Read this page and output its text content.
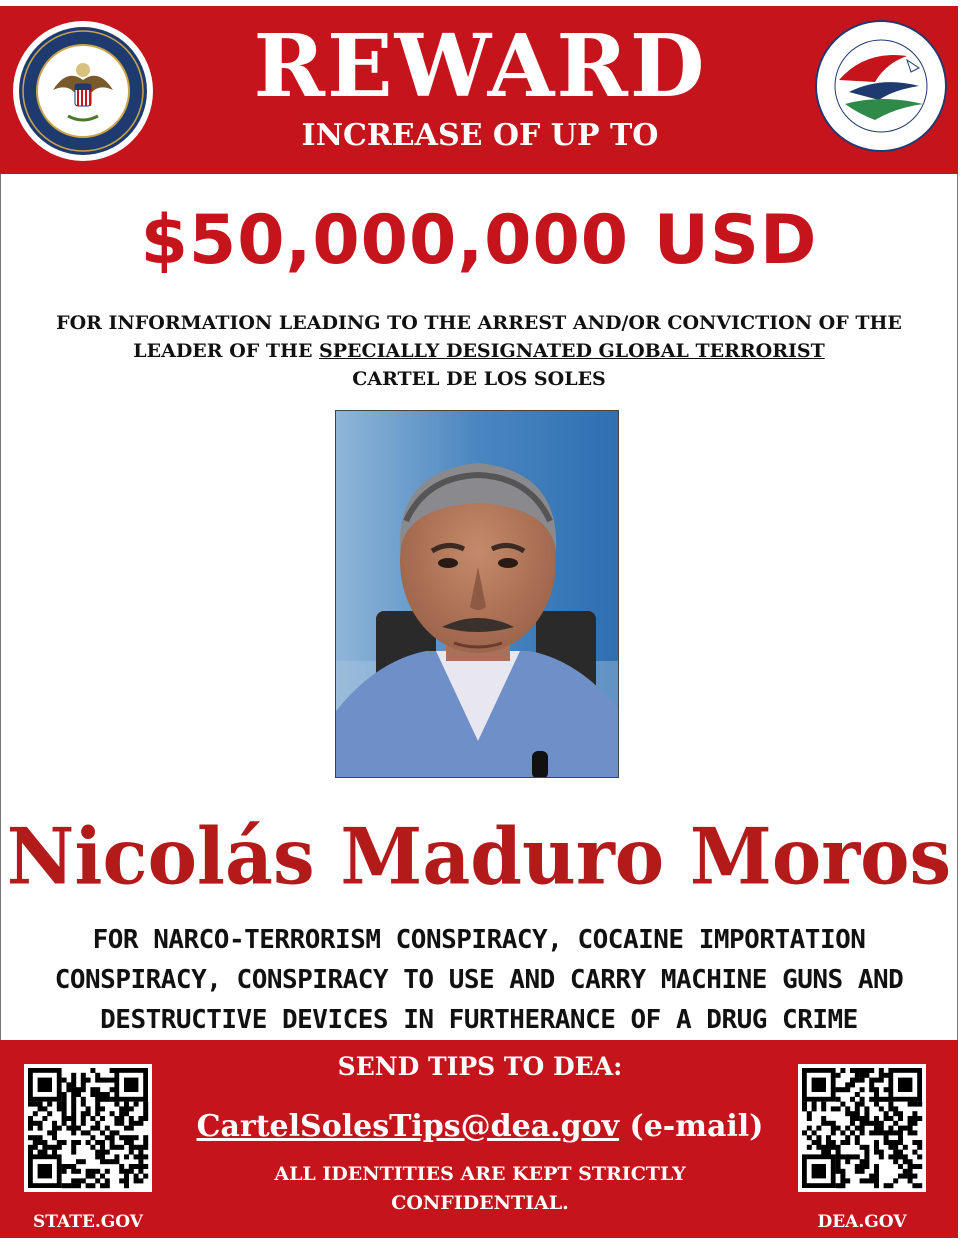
REWARD
INCREASE OF UP TO
$50,000,000 USD
FOR INFORMATION LEADING TO THE ARREST AND/OR CONVICTION OF THE
LEADER OF THE SPECIALLY DESIGNATED GLOBAL TERRORIST
CARTEL DE LOS SOLES
Nicolás Maduro Moros
FOR NARCO-TERRORISM CONSPIRACY, COCAINE IMPORTATION
CONSPIRACY, CONSPIRACY TO USE AND CARRY MACHINE GUNS AND
DESTRUCTIVE DEVICES IN FURTHERANCE OF A DRUG CRIME
SEND TIPS TO DEA:
CartelSolesTips@dea.gov (e-mail)
ALL IDENTITIES ARE KEPT STRICTLY
CONFIDENTIAL.
STATE.GOV	DEA.GOV
